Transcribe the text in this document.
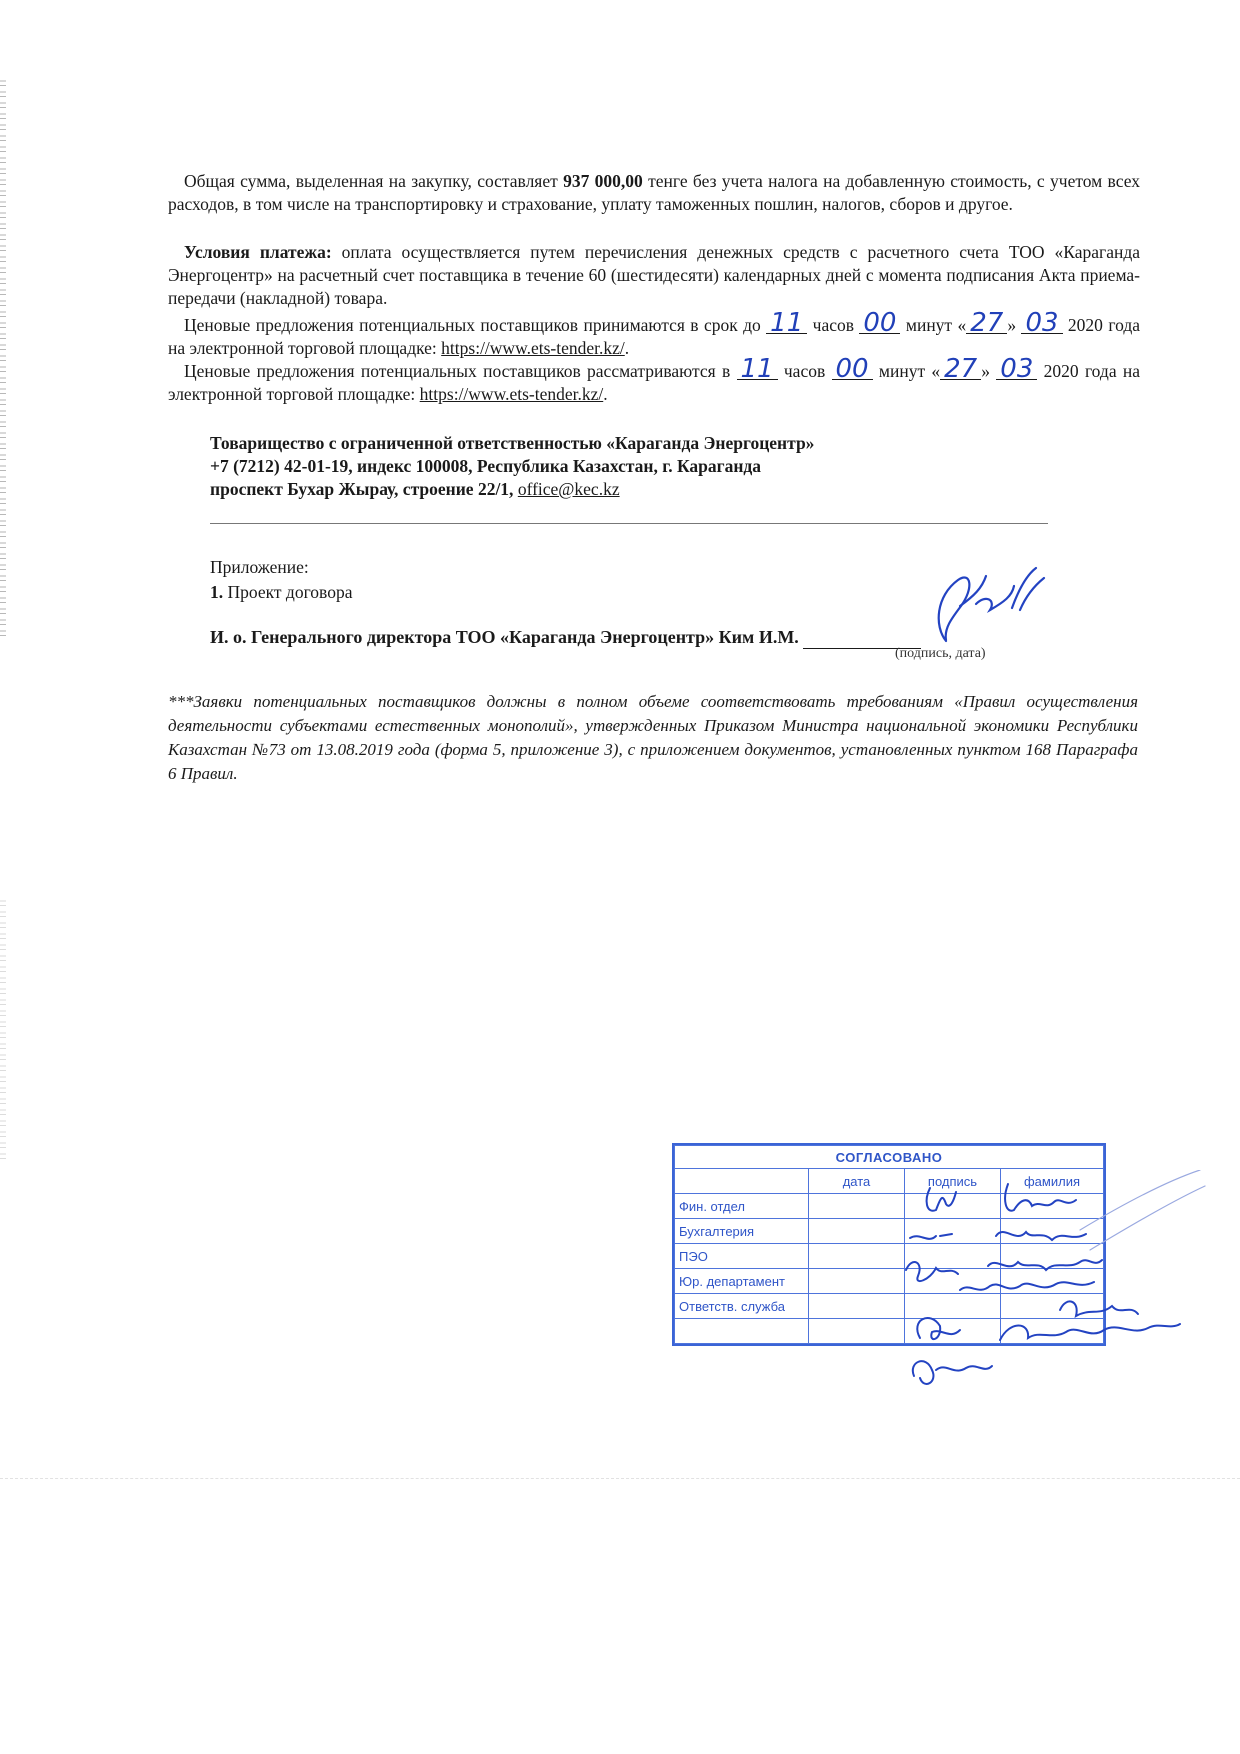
Общая сумма, выделенная на закупку, составляет 937 000,00 тенге без учета налога на добавленную стоимость, с учетом всех расходов, в том числе на транспортировку и страхование, уплату таможенных пошлин, налогов, сборов и другое.
Условия платежа: оплата осуществляется путем перечисления денежных средств с расчетного счета ТОО «Караганда Энергоцентр» на расчетный счет поставщика в течение 60 (шестидесяти) календарных дней с момента подписания Акта приема-передачи (накладной) товара.
Ценовые предложения потенциальных поставщиков принимаются в срок до 11 часов 00 минут « 27 » 03 2020 года на электронной торговой площадке: https://www.ets-tender.kz/.
Ценовые предложения потенциальных поставщиков рассматриваются в 11 часов 00 минут « 27 » 03 2020 года на электронной торговой площадке: https://www.ets-tender.kz/.
Товарищество с ограниченной ответственностью «Караганда Энергоцентр»
+7 (7212) 42-01-19, индекс 100008, Республика Казахстан, г. Караганда
проспект Бухар Жырау, строение 22/1, office@kec.kz
Приложение:
1. Проект договора
И. о. Генерального директора ТОО «Караганда Энергоцентр» Ким И.М.
(подпись, дата)
***Заявки потенциальных поставщиков должны в полном объеме соответствовать требованиям «Правил осуществления деятельности субъектами естественных монополий», утвержденных Приказом Министра национальной экономики Республики Казахстан №73 от 13.08.2019 года (форма 5, приложение 3), с приложением документов, установленных пунктом 168 Параграфа 6 Правил.
СОГЛАСОВАНО			
	дата	подпись	фамилия
Фин. отдел			
Бухгалтерия			
ПЭО			
Юр. департамент			
Ответств. служба			
